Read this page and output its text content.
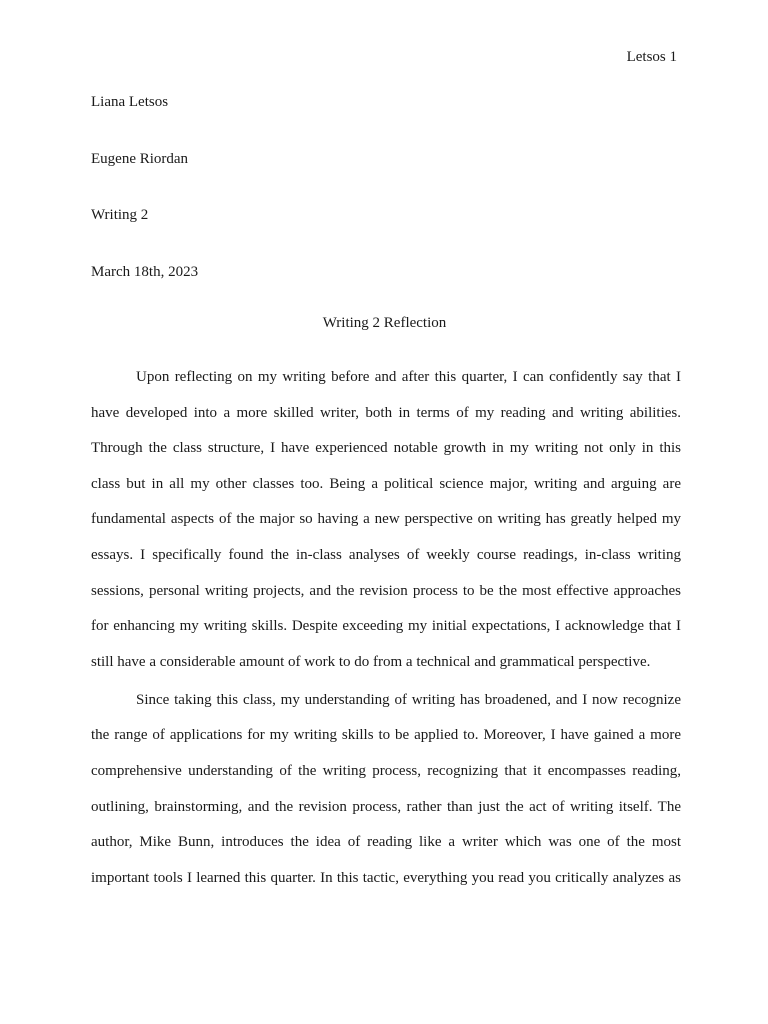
Letsos 1
Liana Letsos
Eugene Riordan
Writing 2
March 18th, 2023
Writing 2 Reflection
Upon reflecting on my writing before and after this quarter, I can confidently say that I
have developed into a more skilled writer, both in terms of my reading and writing abilities.
Through the class structure, I have experienced notable growth in my writing not only in this
class but in all my other classes too. Being a political science major, writing and arguing are
fundamental aspects of the major so having a new perspective on writing has greatly helped my
essays. I specifically found the in-class analyses of weekly course readings, in-class writing
sessions, personal writing projects, and the revision process to be the most effective approaches
for enhancing my writing skills. Despite exceeding my initial expectations, I acknowledge that I
still have a considerable amount of work to do from a technical and grammatical perspective.
Since taking this class, my understanding of writing has broadened, and I now recognize
the range of applications for my writing skills to be applied to. Moreover, I have gained a more
comprehensive understanding of the writing process, recognizing that it encompasses reading,
outlining, brainstorming, and the revision process, rather than just the act of writing itself. The
author, Mike Bunn, introduces the idea of reading like a writer which was one of the most
important tools I learned this quarter. In this tactic, everything you read you critically analyzes as
